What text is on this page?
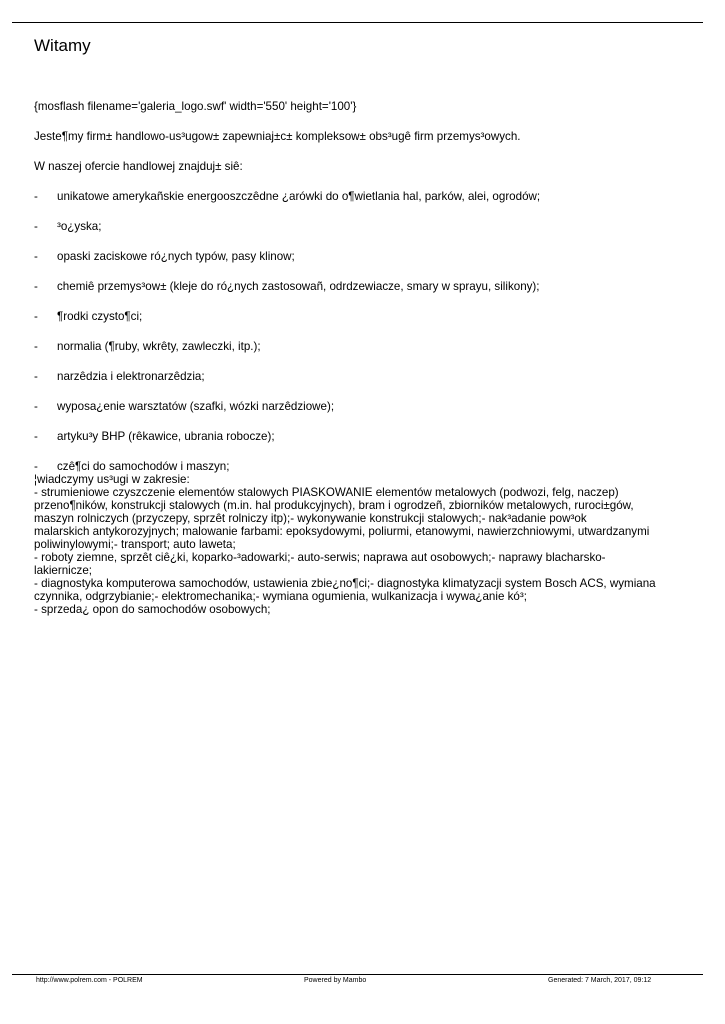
Witamy

{mosflash filename='galeria_logo.swf' width='550' height='100'}

Jeste¶my firm± handlowo-us³ugow± zapewniaj±c± kompleksow± obs³ugê firm przemys³owych.

W naszej ofercie handlowej znajduj± siê:

- unikatowe amerykañskie energooszczêdne ¿arówki do o¶wietlania hal, parków, alei, ogrodów;
- ³o¿yska;
- opaski zaciskowe ró¿nych typów, pasy klinow;
- chemiê przemys³ow± (kleje do ró¿nych zastosowañ, odrdzewiacze, smary w sprayu, silikony);
- ¶rodki czysto¶ci;
- normalia (¶ruby, wkrêty, zawleczki, itp.);
- narzêdzia i elektronarzêdzia;
- wyposa¿enie warsztatów (szafki, wózki narzêdziowe);
- artyku³y BHP (rêkawice, ubrania robocze);
- czê¶ci do samochodów i maszyn;
¦wiadczymy us³ugi w zakresie:
- strumieniowe czyszczenie elementów stalowych PIASKOWANIE elementów metalowych (podwozi, felg, naczep)
przeno¶ników, konstrukcji stalowych (m.in. hal produkcyjnych), bram i ogrodzeñ, zbiorników metalowych, ruroci±gów,
maszyn rolniczych (przyczepy, sprzêt rolniczy itp);- wykonywanie konstrukcji stalowych;- nak³adanie pow³ok
malarskich antykorozyjnych; malowanie farbami: epoksydowymi, poliurmi, etanowymi, nawierzchniowymi, utwardzanymi
poliwinylowymi;- transport; auto laweta;
- roboty ziemne, sprzêt ciê¿ki, koparko-³adowarki;- auto-serwis; naprawa aut osobowych;- naprawy blacharsko-
lakiernicze;
- diagnostyka komputerowa samochodów, ustawienia zbie¿no¶ci;- diagnostyka klimatyzacji system Bosch ACS, wymiana
czynnika, odgrzybianie;- elektromechanika;- wymiana ogumienia, wulkanizacja i wywa¿anie kó³;
- sprzeda¿ opon do samochodów osobowych;
http://www.polrem.com - POLREM	Powered by Mambo	Generated: 7 March, 2017, 09:12
